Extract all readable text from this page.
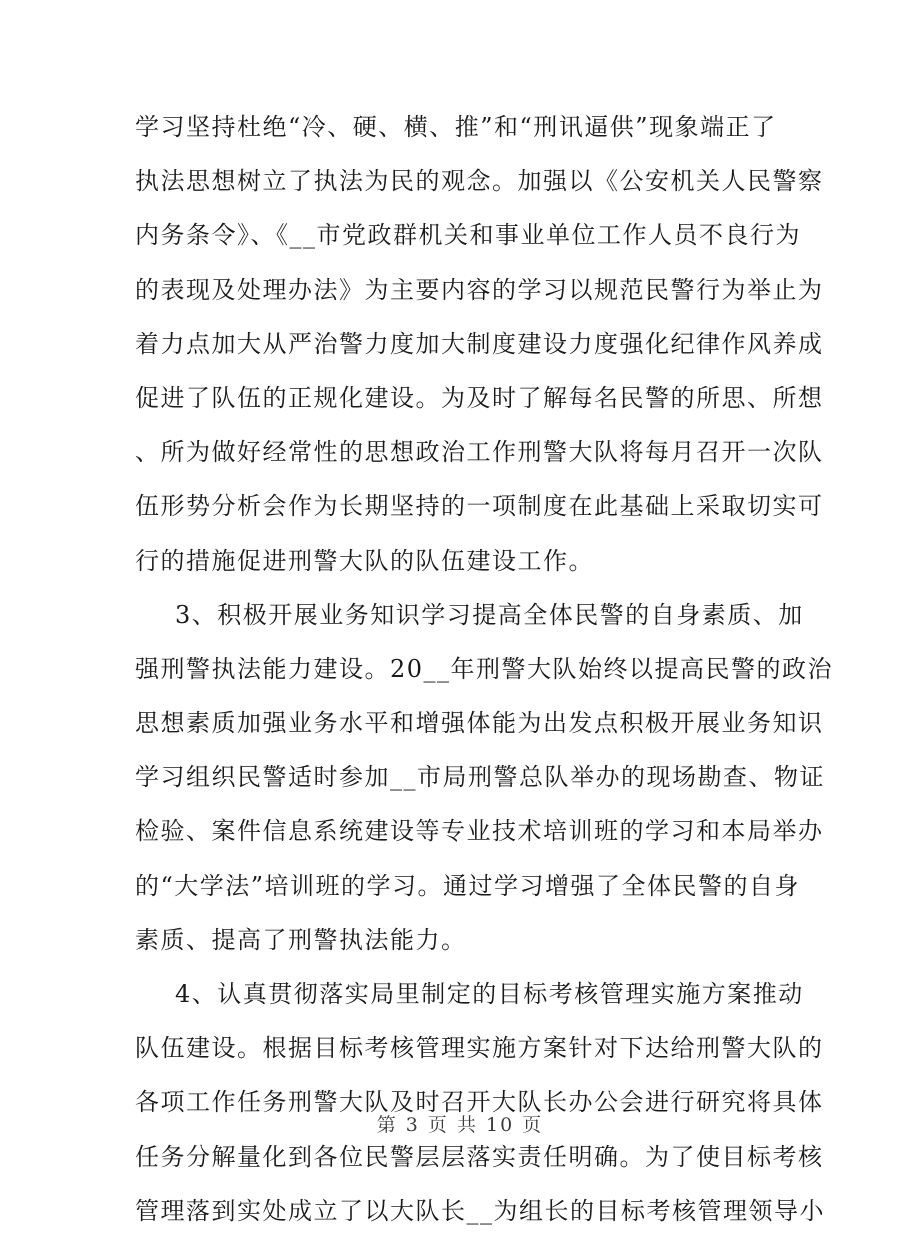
学习坚持杜绝“冷、硬、横、推”和“刑讯逼供”现象端正了
执法思想树立了执法为民的观念。加强以《公安机关人民警察
内务条令》、《__市党政群机关和事业单位工作人员不良行为
的表现及处理办法》为主要内容的学习以规范民警行为举止为
着力点加大从严治警力度加大制度建设力度强化纪律作风养成
促进了队伍的正规化建设。为及时了解每名民警的所思、所想
、所为做好经常性的思想政治工作刑警大队将每月召开一次队
伍形势分析会作为长期坚持的一项制度在此基础上采取切实可
行的措施促进刑警大队的队伍建设工作。
3、积极开展业务知识学习提高全体民警的自身素质、加
强刑警执法能力建设。20__年刑警大队始终以提高民警的政治
思想素质加强业务水平和增强体能为出发点积极开展业务知识
学习组织民警适时参加__市局刑警总队举办的现场勘查、物证
检验、案件信息系统建设等专业技术培训班的学习和本局举办
的“大学法”培训班的学习。通过学习增强了全体民警的自身
素质、提高了刑警执法能力。
4、认真贯彻落实局里制定的目标考核管理实施方案推动
队伍建设。根据目标考核管理实施方案针对下达给刑警大队的
各项工作任务刑警大队及时召开大队长办公会进行研究将具体
任务分解量化到各位民警层层落实责任明确。为了使目标考核
管理落到实处成立了以大队长__为组长的目标考核管理领导小
第 3 页 共 10 页
